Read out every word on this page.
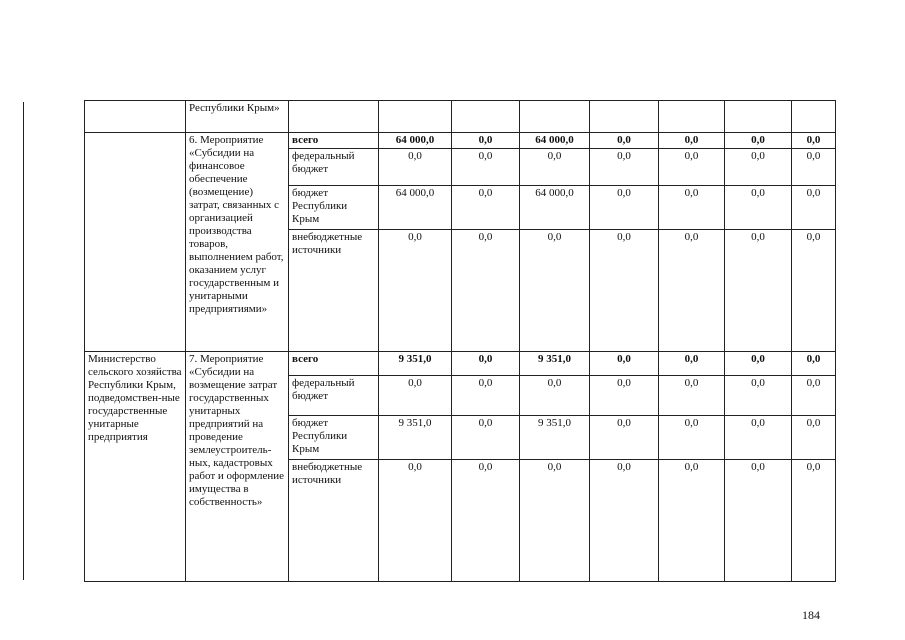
	Республики Крым»								
	6. Мероприятие «Субсидии на финансовое обеспечение (возмещение) затрат, связанных с организацией производства товаров, выполнением работ, оказанием услуг государственным и унитарными предприятиями»	всего	64 000,0	0,0	64 000,0	0,0	0,0	0,0	0,0
		федеральный бюджет	0,0	0,0	0,0	0,0	0,0	0,0	0,0
		бюджет Республики Крым	64 000,0	0,0	64 000,0	0,0	0,0	0,0	0,0
		внебюджетные источники	0,0	0,0	0,0	0,0	0,0	0,0	0,0
Министерство сельского хозяйства Республики Крым, подведомствен-ные государственные унитарные предприятия	7. Мероприятие «Субсидии на возмещение затрат государственных унитарных предприятий на проведение землеустроитель-ных, кадастровых работ и оформление имущества в собственность»	всего	9 351,0	0,0	9 351,0	0,0	0,0	0,0	0,0
		федеральный бюджет	0,0	0,0	0,0	0,0	0,0	0,0	0,0
		бюджет Республики Крым	9 351,0	0,0	9 351,0	0,0	0,0	0,0	0,0
		внебюджетные источники	0,0	0,0	0,0	0,0	0,0	0,0	0,0
184
